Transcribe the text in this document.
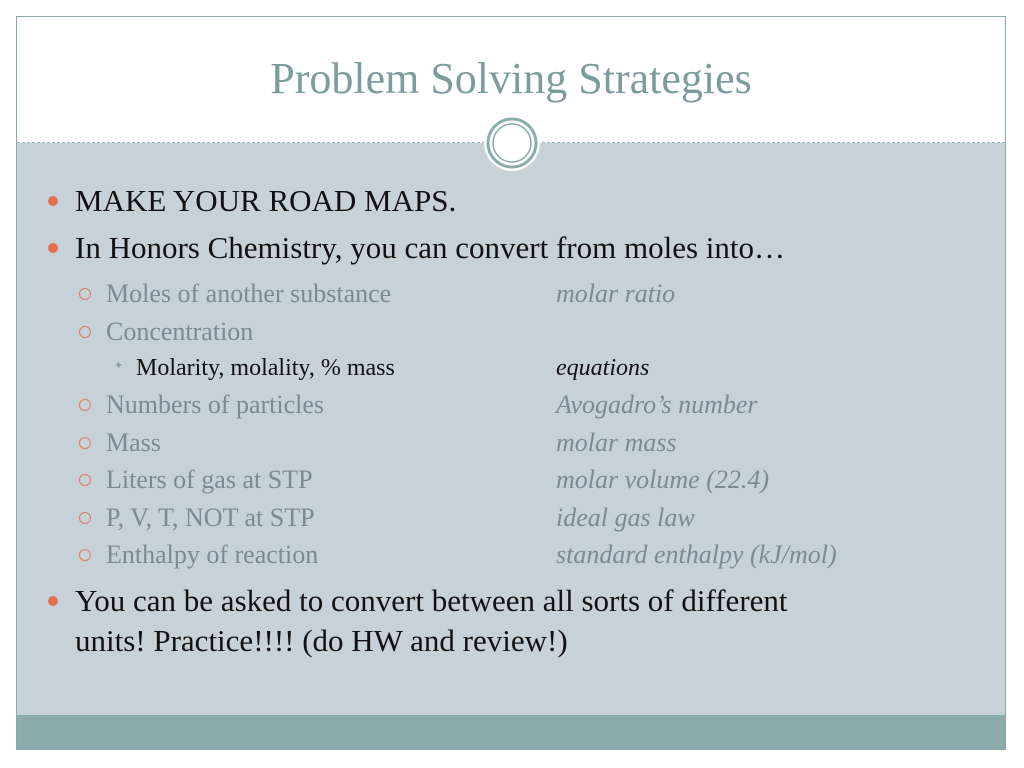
Problem Solving Strategies
MAKE YOUR ROAD MAPS.
In Honors Chemistry, you can convert from moles into…
Moles of another substance	molar ratio
Concentration
✦ Molarity, molality, % mass	equations
Numbers of particles	Avogadro’s number
Mass	molar mass
Liters of gas at STP	molar volume (22.4)
P, V, T, NOT at STP	ideal gas law
Enthalpy of reaction	standard enthalpy (kJ/mol)
You can be asked to convert between all sorts of different
units! Practice!!!! (do HW and review!)
